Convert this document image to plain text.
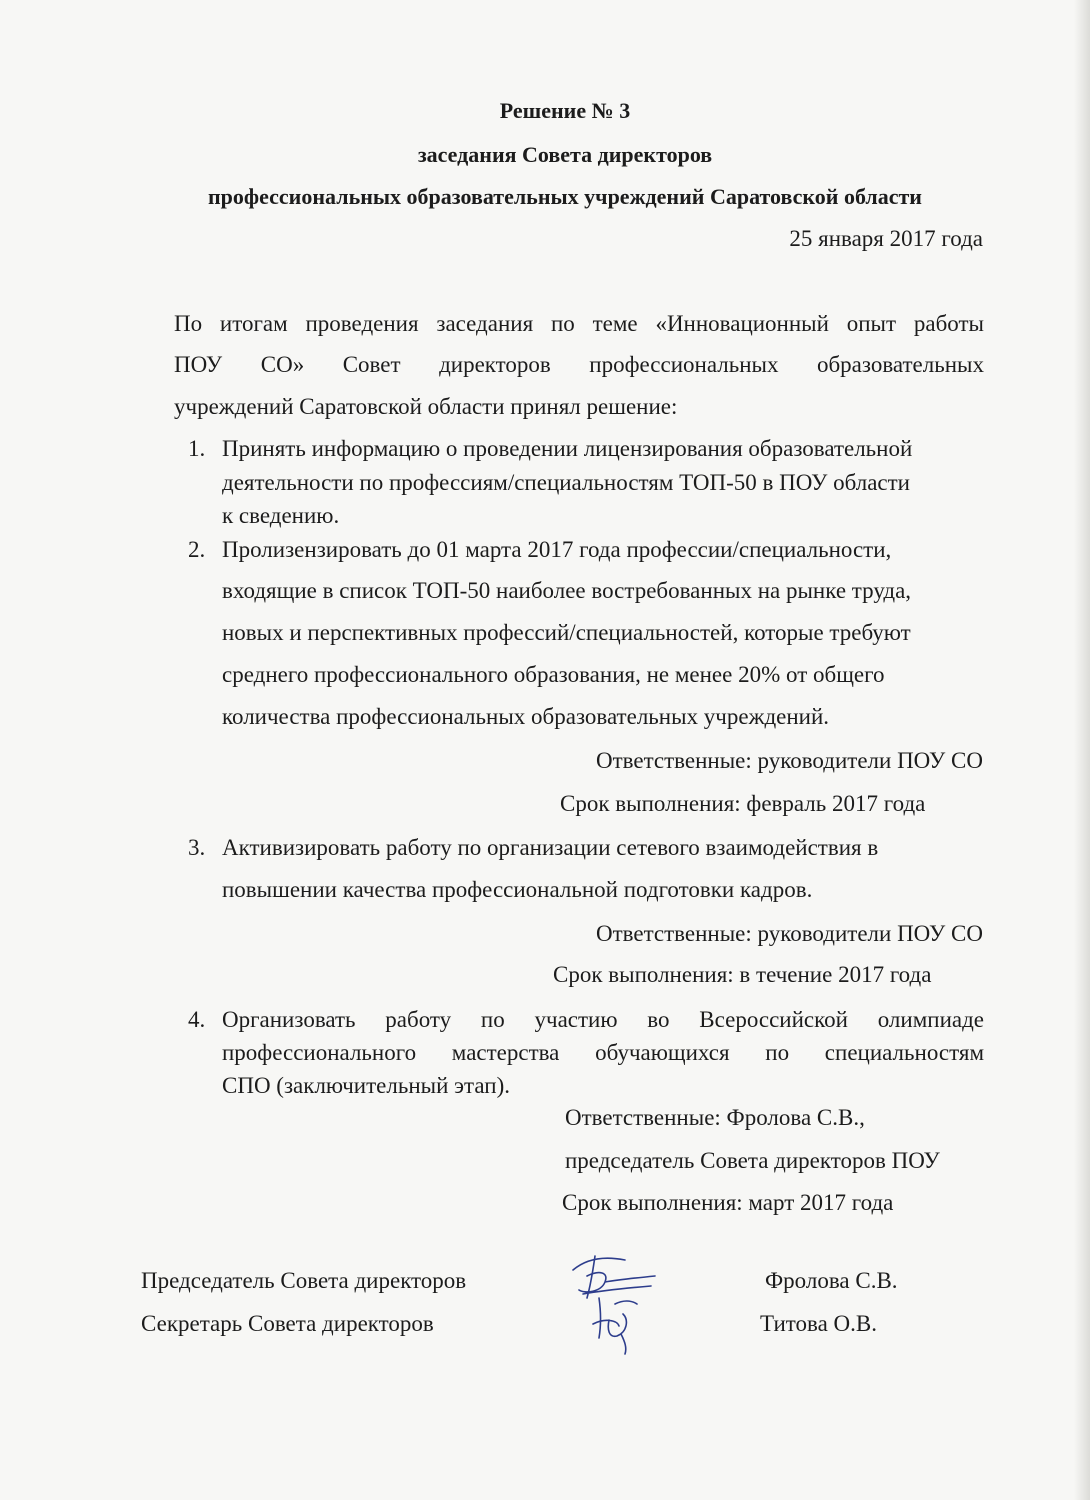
Решение № 3
заседания Совета директоров
профессиональных образовательных учреждений Саратовской области
25 января 2017 года
По итогам проведения заседания по теме «Инновационный опыт работы
ПОУ СО» Совет директоров профессиональных образовательных
учреждений Саратовской области принял решение:
1. Принять информацию о проведении лицензирования образовательной
деятельности по профессиям/специальностям ТОП-50 в ПОУ области
к сведению.
2. Пролизензировать до 01 марта 2017 года профессии/специальности,
входящие в список ТОП-50 наиболее востребованных на рынке труда,
новых и перспективных профессий/специальностей, которые требуют
среднего профессионального образования, не менее 20% от общего
количества профессиональных образовательных учреждений.
Ответственные: руководители ПОУ СО
Срок выполнения: февраль 2017 года
3. Активизировать работу по организации сетевого взаимодействия в
повышении качества профессиональной подготовки кадров.
Ответственные: руководители ПОУ СО
Срок выполнения: в течение 2017 года
4. Организовать работу по участию во Всероссийской олимпиаде
профессионального мастерства обучающихся по специальностям
СПО (заключительный этап).
Ответственные: Фролова С.В.,
председатель Совета директоров ПОУ
Срок выполнения: март 2017 года
Председатель Совета директоров	Фролова С.В.
Секретарь Совета директоров	Титова О.В.
